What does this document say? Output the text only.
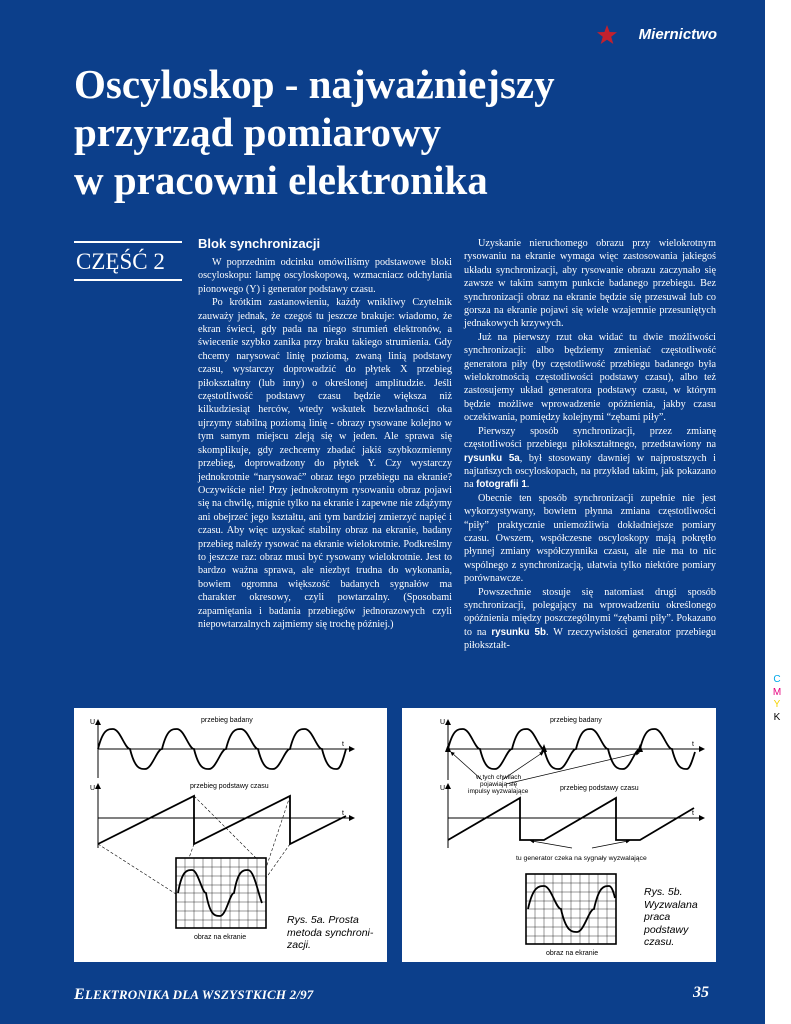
Miernictwo
Oscyloskop - najważniejszy
przyrząd pomiarowy
w pracowni elektronika
CZĘŚĆ 2
Blok synchronizacji

W poprzednim odcinku omówiliśmy podstawowe bloki oscyloskopu: lampę oscyloskopową, wzmacniacz odchylania pionowego (Y) i generator podstawy czasu.

Po krótkim zastanowieniu, każdy wnikliwy Czytelnik zauważy jednak, że czegoś tu jeszcze brakuje: wiadomo, że ekran świeci, gdy pada na niego strumień elektronów, a świecenie szybko zanika przy braku takiego strumienia. Gdy chcemy narysować linię poziomą, zwaną linią podstawy czasu, wystarczy doprowadzić do płytek X przebieg piłokształtny (lub inny) o określonej amplitudzie. Jeśli częstotliwość podstawy czasu będzie większa niż kilkudziesiąt herców, wtedy wskutek bezwładności oka ujrzymy stabilną poziomą linię - obrazy rysowane kolejno w tym samym miejscu zleją się w jeden. Ale sprawa się skomplikuje, gdy zechcemy zbadać jakiś szybkozmienny przebieg, doprowadzony do płytek Y. Czy wystarczy jednokrotnie “narysować” obraz tego przebiegu na ekranie? Oczywiście nie! Przy jednokrotnym rysowaniu obraz pojawi się na chwilę, mignie tylko na ekranie i zapewne nie zdążymy ani obejrzeć jego kształtu, ani tym bardziej zmierzyć napięć i czasu. Aby więc uzyskać stabilny obraz na ekranie, badany przebieg należy rysować na ekranie wielokrotnie. Podkreślmy to jeszcze raz: obraz musi być rysowany wielokrotnie. Jest to bardzo ważna sprawa, ale niezbyt trudna do wykonania, bowiem ogromna większość badanych sygnałów ma charakter okresowy, czyli powtarzalny. (Sposobami zapamiętania i badania przebiegów jednorazowych czyli niepowtarzalnych zajmiemy się trochę później.)

Uzyskanie nieruchomego obrazu przy wielokrotnym rysowaniu na ekranie wymaga więc zastosowania jakiegoś układu synchronizacji, aby rysowanie obrazu zaczynało się zawsze w takim samym punkcie badanego przebiegu. Bez synchronizacji obraz na ekranie będzie się przesuwał lub co gorsza na ekranie pojawi się wiele wzajemnie przesuniętych jednakowych krzywych.

Już na pierwszy rzut oka widać tu dwie możliwości synchronizacji: albo będziemy zmieniać częstotliwość generatora piły (by częstotliwość przebiegu badanego była wielokrotnością częstotliwości podstawy czasu), albo też zastosujemy układ generatora podstawy czasu, w którym będzie możliwe wprowadzenie opóźnienia, jakby czasu oczekiwania, pomiędzy kolejnymi “zębami piły”.

Pierwszy sposób synchronizacji, przez zmianę częstotliwości przebiegu piłokształtnego, przedstawiony na rysunku 5a, był stosowany dawniej w najprostszych i najtańszych oscyloskopach, na przykład takim, jak pokazano na fotografii 1.

Obecnie ten sposób synchronizacji zupełnie nie jest wykorzystywany, bowiem płynna zmiana częstotliwości “piły” praktycznie uniemożliwia dokładniejsze pomiary czasu. Owszem, współczesne oscyloskopy mają pokrętło płynnej zmiany współczynnika czasu, ale nie ma to nic wspólnego z synchronizacją, ułatwia tylko niektóre pomiary porównawcze.

Powszechnie stosuje się natomiast drugi sposób synchronizacji, polegający na wprowadzeniu określonego opóźnienia między poszczególnymi “zębami piły”. Pokazano to na rysunku 5b. W rzeczywistości generator przebiegu piłokształt-

U
t
przebieg badany
U
t
przebieg podstawy czasu
obraz na ekranie
Rys. 5a. Prosta
metoda synchroni-
zacji.
U
t
przebieg badany
w tych chwilach
pojawiają się
impulsy wyzwalające
U
t
przebieg podstawy czasu
tu generator czeka na sygnały wyzwalające
obraz na ekranie
Rys. 5b.
Wyzwalana
praca
podstawy
czasu.
ELEKTRONIKA DLA WSZYSTKICH 2/97	35
C
M
Y
K
